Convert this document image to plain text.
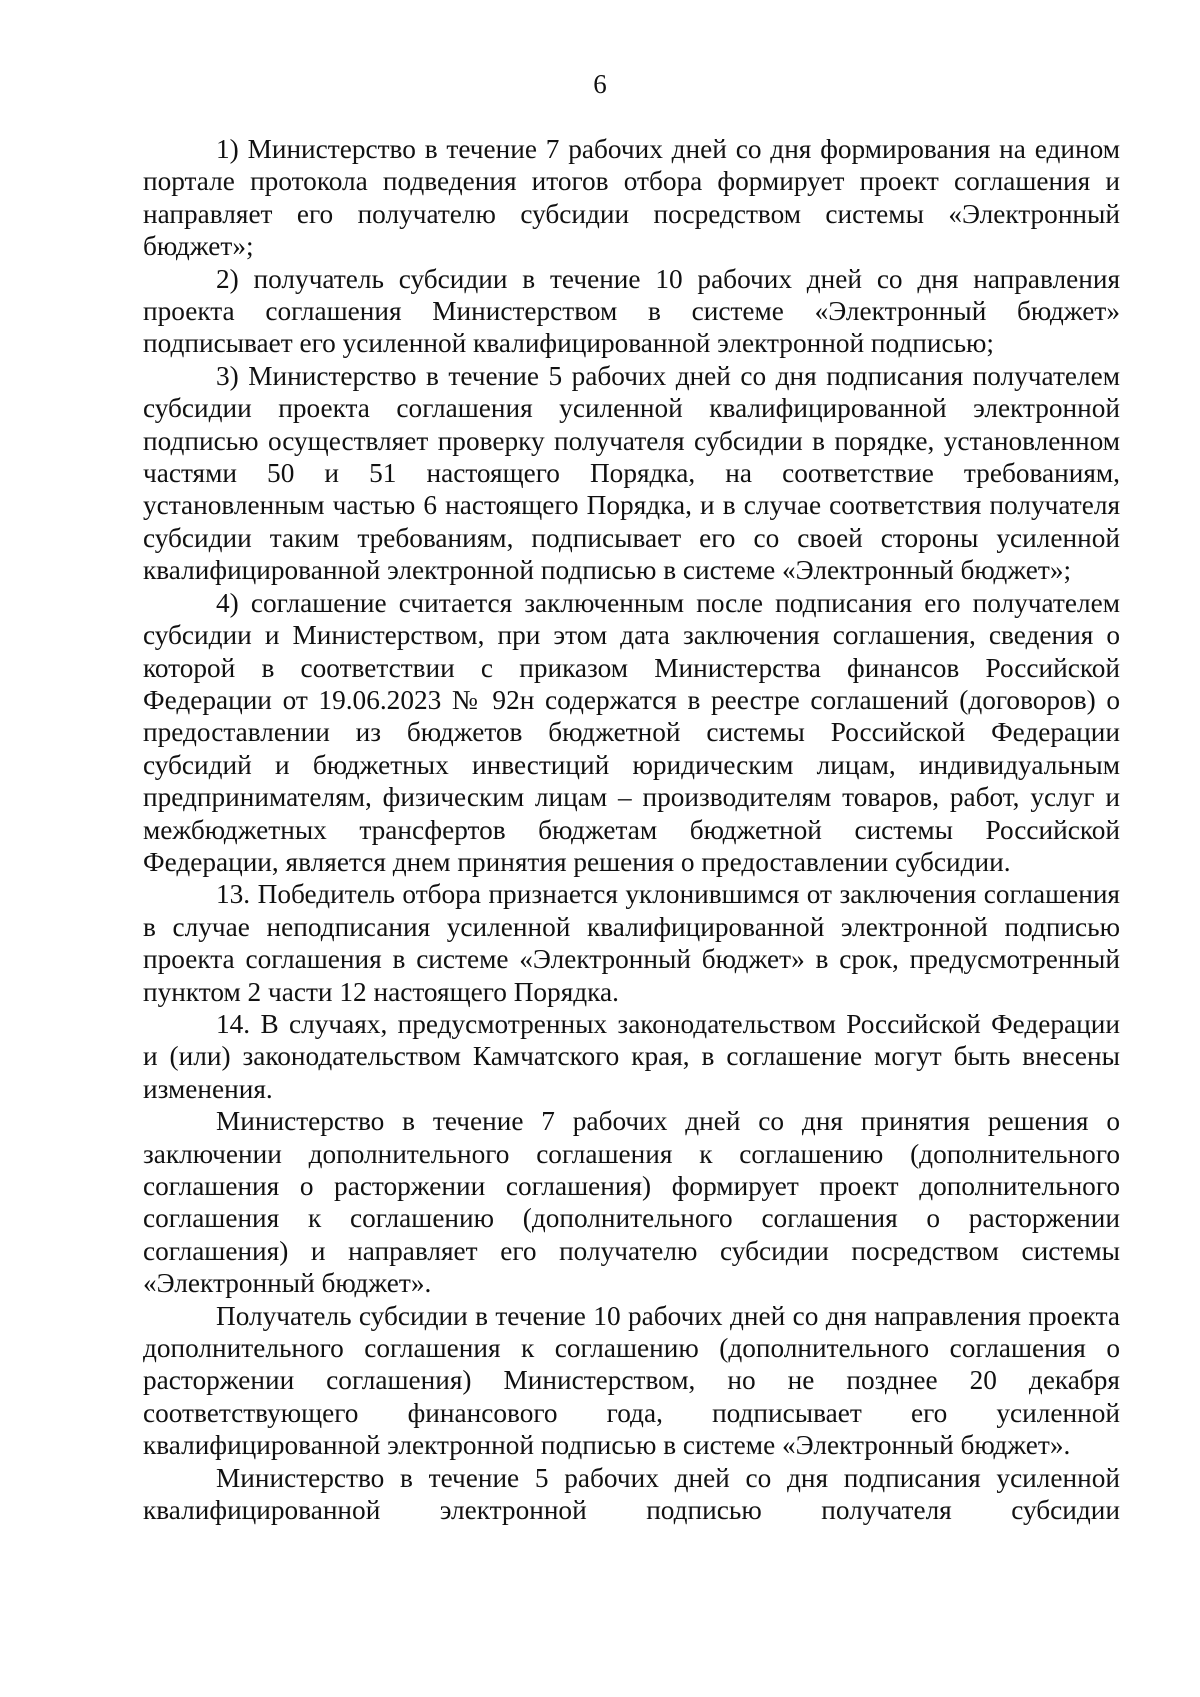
6

1) Министерство в течение 7 рабочих дней со дня формирования на едином портале протокола подведения итогов отбора формирует проект соглашения и направляет его получателю субсидии посредством системы «Электронный бюджет»;

2) получатель субсидии в течение 10 рабочих дней со дня направления проекта соглашения Министерством в системе «Электронный бюджет» подписывает его усиленной квалифицированной электронной подписью;

3) Министерство в течение 5 рабочих дней со дня подписания получателем субсидии проекта соглашения усиленной квалифицированной электронной подписью осуществляет проверку получателя субсидии в порядке, установленном частями 50 и 51 настоящего Порядка, на соответствие требованиям, установленным частью 6 настоящего Порядка, и в случае соответствия получателя субсидии таким требованиям, подписывает его со своей стороны усиленной квалифицированной электронной подписью в системе «Электронный бюджет»;

4) соглашение считается заключенным после подписания его получателем субсидии и Министерством, при этом дата заключения соглашения, сведения о которой в соответствии с приказом Министерства финансов Российской Федерации от 19.06.2023 № 92н содержатся в реестре соглашений (договоров) о предоставлении из бюджетов бюджетной системы Российской Федерации субсидий и бюджетных инвестиций юридическим лицам, индивидуальным предпринимателям, физическим лицам – производителям товаров, работ, услуг и межбюджетных трансфертов бюджетам бюджетной системы Российской Федерации, является днем принятия решения о предоставлении субсидии.

13. Победитель отбора признается уклонившимся от заключения соглашения в случае неподписания усиленной квалифицированной электронной подписью проекта соглашения в системе «Электронный бюджет» в срок, предусмотренный пунктом 2 части 12 настоящего Порядка.

14. В случаях, предусмотренных законодательством Российской Федерации и (или) законодательством Камчатского края, в соглашение могут быть внесены изменения.

Министерство в течение 7 рабочих дней со дня принятия решения о заключении дополнительного соглашения к соглашению (дополнительного соглашения о расторжении соглашения) формирует проект дополнительного соглашения к соглашению (дополнительного соглашения о расторжении соглашения) и направляет его получателю субсидии посредством системы «Электронный бюджет».

Получатель субсидии в течение 10 рабочих дней со дня направления проекта дополнительного соглашения к соглашению (дополнительного соглашения о расторжении соглашения) Министерством, но не позднее 20 декабря соответствующего финансового года, подписывает его усиленной квалифицированной электронной подписью в системе «Электронный бюджет».

Министерство в течение 5 рабочих дней со дня подписания усиленной квалифицированной электронной подписью получателя субсидии
